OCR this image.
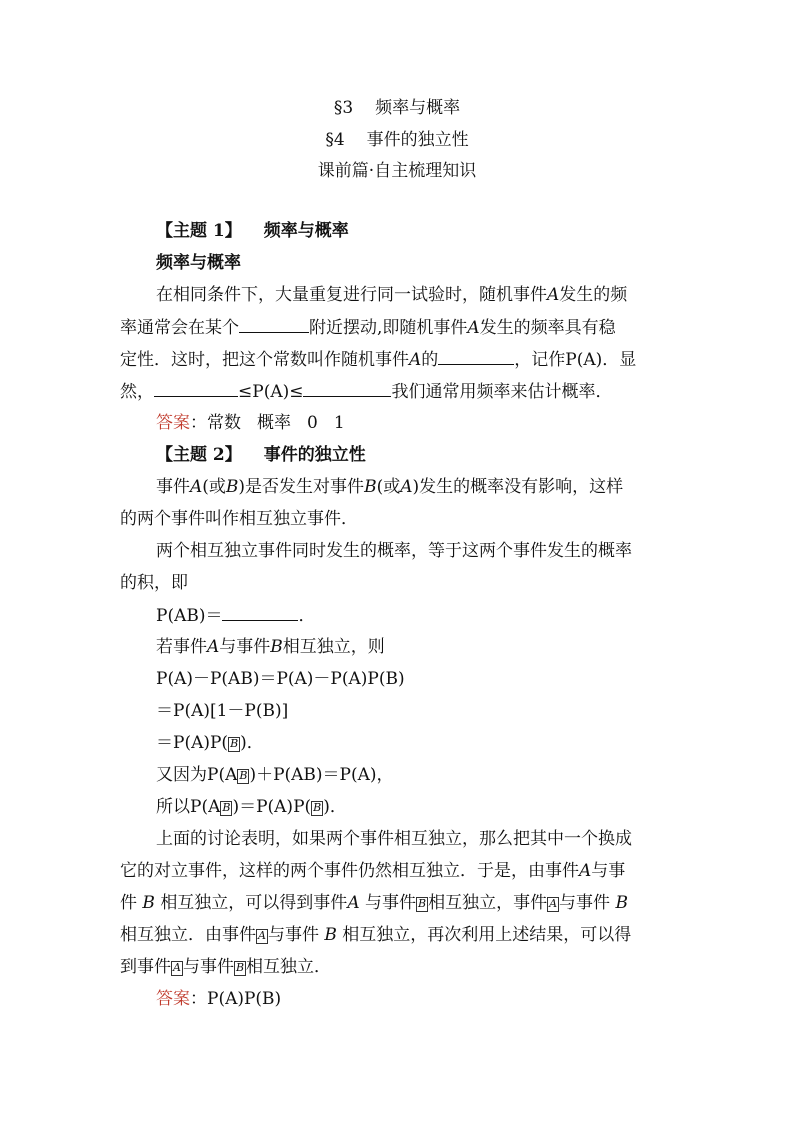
§3 频率与概率
§4 事件的独立性
课前篇·自主梳理知识
【主题 1】 频率与概率
频率与概率
在相同条件下，大量重复进行同一试验时，随机事件A发生的频
率通常会在某个	附近摆动,即随机事件A发生的频率具有稳
定性．这时，把这个常数叫作随机事件A的	，记作P(A)．显
然，	≤P(A)≤	我们通常用频率来估计概率．
答案：常数 概率 0 1
【主题 2】 事件的独立性
事件A(或B)是否发生对事件B(或A)发生的概率没有影响，这样
的两个事件叫作相互独立事件．
两个相互独立事件同时发生的概率，等于这两个事件发生的概率
的积，即
P(AB)＝	．
若事件A与事件B相互独立，则
P(A)－P(AB)＝P(A)－P(A)P(B)
＝P(A)[1－P(B)]
＝P(A)P( B )．
又因为P(A B )＋P(AB)＝P(A)，
所以P(A B )＝P(A)P( B )．
上面的讨论表明，如果两个事件相互独立，那么把其中一个换成
它的对立事件，这样的两个事件仍然相互独立．于是，由事件A与事
件 B 相互独立，可以得到事件A 与事件 B 相互独立，事件 A 与事件 B
相互独立．由事件 A 与事件 B 相互独立，再次利用上述结果，可以得
到事件 A 与事件 B 相互独立．
答案：P(A)P(B)
